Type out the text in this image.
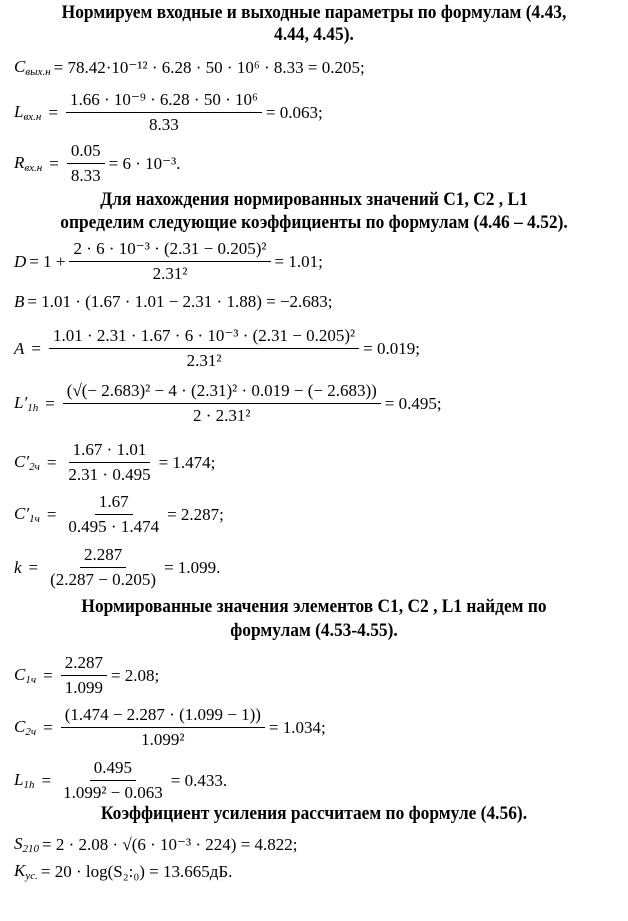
Нормируем входные и выходные параметры по формулам (4.43,
4.44, 4.45).
$C_{вых.н} = 78.42\cdot 10^{-12} \cdot 6.28 \cdot 50 \cdot 10^6 \cdot 8.33 = 0.205$;
$L_{вх.н} = \frac{\text{1.66 · 10⁻⁹ · 6.28 · 50 · 10⁶}}{8.33} = 0.063$;
$R_{вх.н} = \frac{0.05}{8.33} = 6 \cdot 10^{-3}$.
Для нахождения нормированных значений C1, C2 , L1
определим следующие коэффициенты по формулам (4.46 – 4.52).
$D = 1 + \frac{\text{2 · 6 · 10⁻³ · (2.31 − 0.205)²}}{\text{2.31²}} = 1.01$;
B = 1.01 · (1.67 · 1.01 − 2.31 · 1.88) = −2.683;
$A = \frac{\text{1.01 · 2.31 · 1.67 · 6 · 10⁻³ · (2.31 − 0.205)²}}{\text{2.31²}} = 0.019$;
$L'_{1h} = \frac{\text{(√(− 2.683)² − 4 · (2.31)² · 0.019 − (− 2.683))}}{\text{2 · 2.31²}} = 0.495$;
$C'_{2ч} = \frac{1.67 \cdot 1.01}{2.31 \cdot 0.495} = 1.474$;
$C'_{1ч} = \frac{1.67}{0.495 \cdot 1.474} = 2.287$;
$k = \frac{2.287}{(2.287 - 0.205)} = 1.099$.
Нормированные значения элементов C1, C2 , L1 найдем по
формулам (4.53-4.55).
$C_{1ч} = \frac{2.287}{1.099} = 2.08$;
$C_{2ч} = \frac{(1.474 - 2.287 \cdot (1.099 - 1))}{\text{1.099²}} = 1.034$;
$L_{1h} = \frac{0.495}{\text{1.099² − 0.063}} = 0.433$.
Коэффициент усиления рассчитаем по формуле (4.56).
$S_{210} = 2 \cdot 2.08 \cdot √(6 \cdot 10^{-3} \cdot 224) = 4.822$;
$K_{ус.} = 20$ · log(S₂:₀) = 13.665дБ.
